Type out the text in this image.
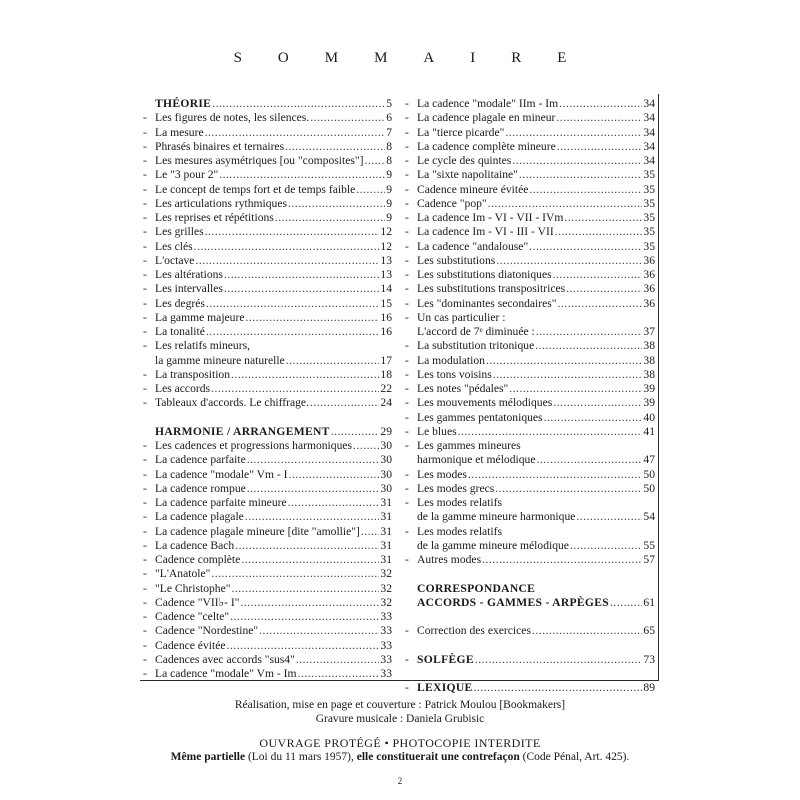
SOMMAIRE
THÉORIE . . .	5
- Les figures de notes, les silences. . . .	6
- La mesure . . .	7
- Phrasés binaires et ternaires . . .	8
- Les mesures asymétriques [ou "composites"] . . . 8
- Le "3 pour 2" . . .	9
- Le concept de temps fort et de temps faible . . .	9
- Les articulations rythmiques . . .	9
- Les reprises et répétitions . . .	9
- Les grilles . . .	12
- Les clés . . .	12
- L'octave . . .	13
- Les altérations . . .	13
- Les intervalles . . .	14
- Les degrés . . .	15
- La gamme majeure . . .	16
- La tonalité . . .	16
- Les relatifs mineurs,
la gamme mineure naturelle . . .	17
- La transposition . . .	18
- Les accords . . .	22
- Tableaux d'accords. Le chiffrage. . . .	24
HARMONIE / ARRANGEMENT . . .	29
- Les cadences et progressions harmoniques . . . 30
- La cadence parfaite . . .	30
- La cadence "modale" Vm - I . . .	30
- La cadence rompue . . .	30
- La cadence parfaite mineure . . .	31
- La cadence plagale . . .	31
- La cadence plagale mineure [dite "amollie"] . . . 31
- La cadence Bach . . .	31
- Cadence complète . . .	31
- "L'Anatole" . . .	32
- "Le Christophe" . . .	32
- Cadence "VII♭- I" . . .	32
- Cadence "celte" . . .	33
- Cadence "Nordestine" . . .	33
- Cadence évitée . . .	33
- Cadences avec accords "sus4" . . .	33
- La cadence "modale" Vm - Im . . .	33
- La cadence "modale" IIm - Im . . .	34
- La cadence plagale en mineur . . .	34
- La "tierce picarde" . . .	34
- La cadence complète mineure . . .	34
- Le cycle des quintes . . .	34
- La "sixte napolitaine" . . .	35
- Cadence mineure évitée . . .	35
- Cadence "pop" . . .	35
- La cadence Im - VI - VII - IVm . . .	35
- La cadence Im - VI - III - VII . . .	35
- La cadence "andalouse" . . .	35
- Les substitutions . . .	36
- Les substitutions diatoniques . . .	36
- Les substitutions transpositrices . . .	36
- Les "dominantes secondaires" . . .	36
- Un cas particulier :
L'accord de 7ᵉ diminuée : . . .	37
- La substitution tritonique . . .	38
- La modulation . . .	38
- Les tons voisins . . .	38
- Les notes "pédales" . . .	39
- Les mouvements mélodiques . . .	39
- Les gammes pentatoniques . . .	40
- Le blues . . .	41
- Les gammes mineures
harmonique et mélodique . . .	47
- Les modes . . .	50
- Les modes grecs . . .	50
- Les modes relatifs
de la gamme mineure harmonique . . .	54
- Les modes relatifs
de la gamme mineure mélodique . . .	55
- Autres modes . . .	57
CORRESPONDANCE
ACCORDS - GAMMES - ARPÈGES . . .	61
- Correction des exercices . . .	65
- SOLFÈGE . . .	73
- LEXIQUE . . .	89
Réalisation, mise en page et couverture : Patrick Moulou [Bookmakers]
Gravure musicale : Daniela Grubisic
OUVRAGE PROTÉGÉ • PHOTOCOPIE INTERDITE
Même partielle (Loi du 11 mars 1957), elle constituerait une contrefaçon (Code Pénal, Art. 425).
2
